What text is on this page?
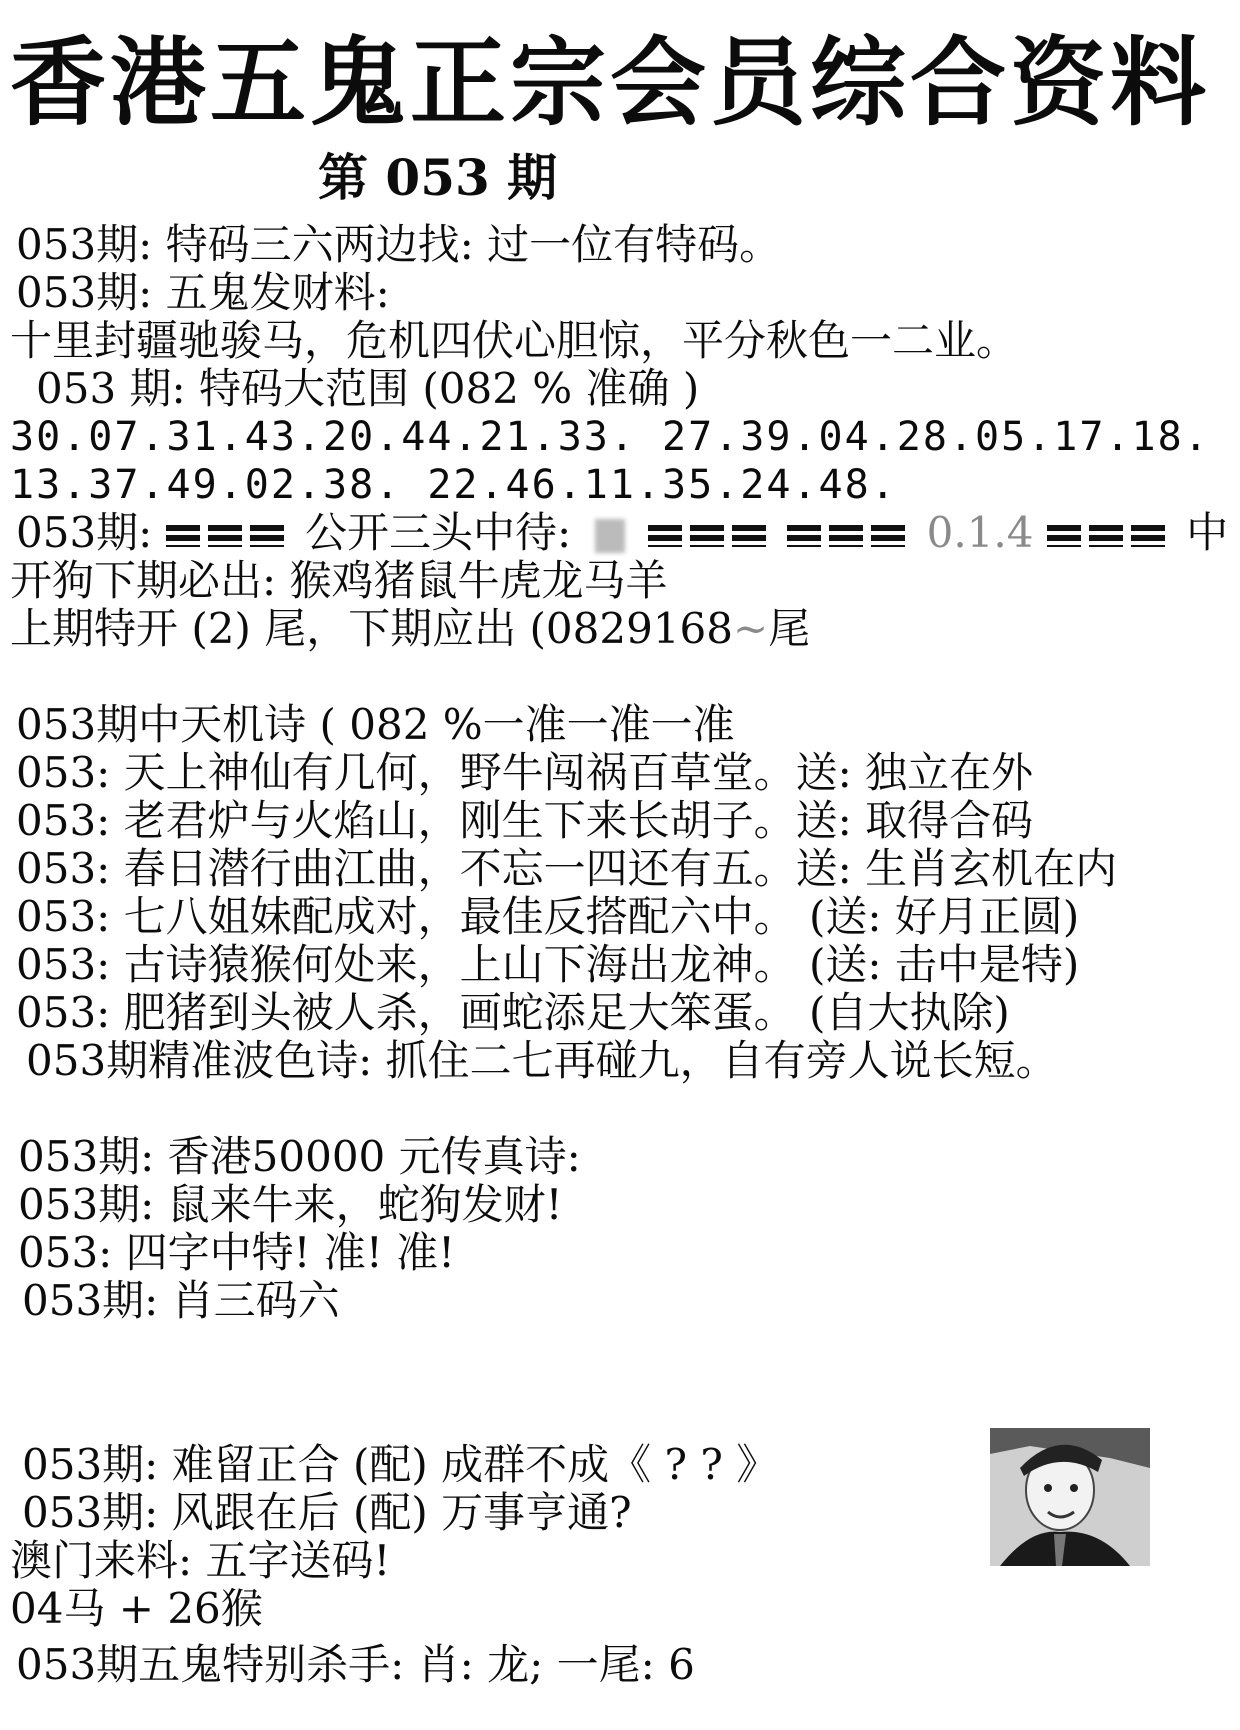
香港五鬼正宗会员综合资料
第 053 期
053期: 特码三六两边找: 过一位有特码。
053期: 五鬼发财料:
十里封疆驰骏马，危机四伏心胆惊，平分秋色一二业。
053 期: 特码大范围 (082 % 准确 )
30.07.31.43.20.44.21.33. 27.39.04.28.05.17.18.
13.37.49.02.38. 22.46.11.35.24.48.
053期:	公开三头中待:	0.1.4	中
开狗下期必出: 猴鸡猪鼠牛虎龙马羊
上期特开 (2) 尾，下期应出 (0829168~尾
053期中天机诗 ( 082 %一准一准一准
053: 天上神仙有几何，野牛闯祸百草堂。送: 独立在外
053: 老君炉与火焰山，刚生下来长胡子。送: 取得合码
053: 春日潜行曲江曲，不忘一四还有五。送: 生肖玄机在内
053: 七八姐妹配成对，最佳反搭配六中。 (送: 好月正圆)
053: 古诗猿猴何处来，上山下海出龙神。 (送: 击中是特)
053: 肥猪到头被人杀，画蛇添足大笨蛋。 (自大执除)
053期精准波色诗: 抓住二七再碰九，自有旁人说长短。
053期: 香港50000 元传真诗:
053期: 鼠来牛来，蛇狗发财!
053: 四字中特! 准! 准!
053期: 肖三码六
053期: 难留正合 (配) 成群不成《 ? ? 》
053期: 风跟在后 (配) 万事亨通?
澳门来料: 五字送码!
04马 + 26猴
053期五鬼特别杀手: 肖: 龙; 一尾: 6
